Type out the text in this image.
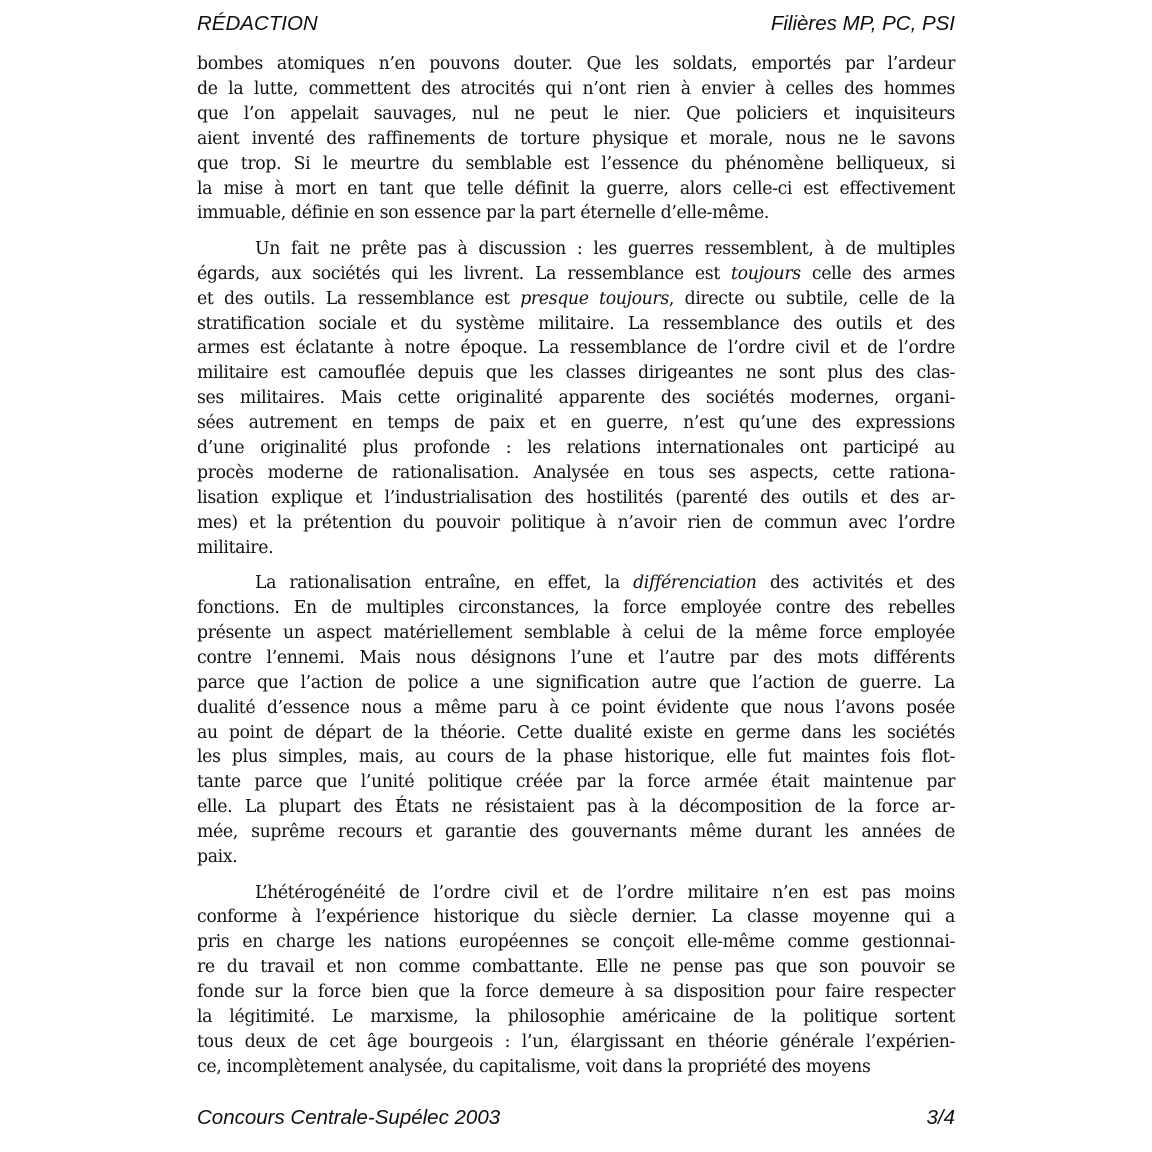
RÉDACTION	Filières MP, PC, PSI
bombes atomiques n’en pouvons douter. Que les soldats, emportés par l’ardeur
de la lutte, commettent des atrocités qui n’ont rien à envier à celles des hommes
que l’on appelait sauvages, nul ne peut le nier. Que policiers et inquisiteurs
aient inventé des raffinements de torture physique et morale, nous ne le savons
que trop. Si le meurtre du semblable est l’essence du phénomène belliqueux, si
la mise à mort en tant que telle définit la guerre, alors celle-ci est effectivement
immuable, définie en son essence par la part éternelle d’elle-même.
Un fait ne prête pas à discussion : les guerres ressemblent, à de multiples
égards, aux sociétés qui les livrent. La ressemblance est toujours celle des armes
et des outils. La ressemblance est presque toujours, directe ou subtile, celle de la
stratification sociale et du système militaire. La ressemblance des outils et des
armes est éclatante à notre époque. La ressemblance de l’ordre civil et de l’ordre
militaire est camouflée depuis que les classes dirigeantes ne sont plus des clas-
ses militaires. Mais cette originalité apparente des sociétés modernes, organi-
sées autrement en temps de paix et en guerre, n’est qu’une des expressions
d’une originalité plus profonde : les relations internationales ont participé au
procès moderne de rationalisation. Analysée en tous ses aspects, cette rationa-
lisation explique et l’industrialisation des hostilités (parenté des outils et des ar-
mes) et la prétention du pouvoir politique à n’avoir rien de commun avec l’ordre
militaire.
La rationalisation entraîne, en effet, la différenciation des activités et des
fonctions. En de multiples circonstances, la force employée contre des rebelles
présente un aspect matériellement semblable à celui de la même force employée
contre l’ennemi. Mais nous désignons l’une et l’autre par des mots différents
parce que l’action de police a une signification autre que l’action de guerre. La
dualité d’essence nous a même paru à ce point évidente que nous l’avons posée
au point de départ de la théorie. Cette dualité existe en germe dans les sociétés
les plus simples, mais, au cours de la phase historique, elle fut maintes fois flot-
tante parce que l’unité politique créée par la force armée était maintenue par
elle. La plupart des États ne résistaient pas à la décomposition de la force ar-
mée, suprême recours et garantie des gouvernants même durant les années de
paix.
L’hétérogénéité de l’ordre civil et de l’ordre militaire n’en est pas moins
conforme à l’expérience historique du siècle dernier. La classe moyenne qui a
pris en charge les nations européennes se conçoit elle-même comme gestionnai-
re du travail et non comme combattante. Elle ne pense pas que son pouvoir se
fonde sur la force bien que la force demeure à sa disposition pour faire respecter
la légitimité. Le marxisme, la philosophie américaine de la politique sortent
tous deux de cet âge bourgeois : l’un, élargissant en théorie générale l’expérien-
ce, incomplètement analysée, du capitalisme, voit dans la propriété des moyens
Concours Centrale-Supélec 2003	3/4
